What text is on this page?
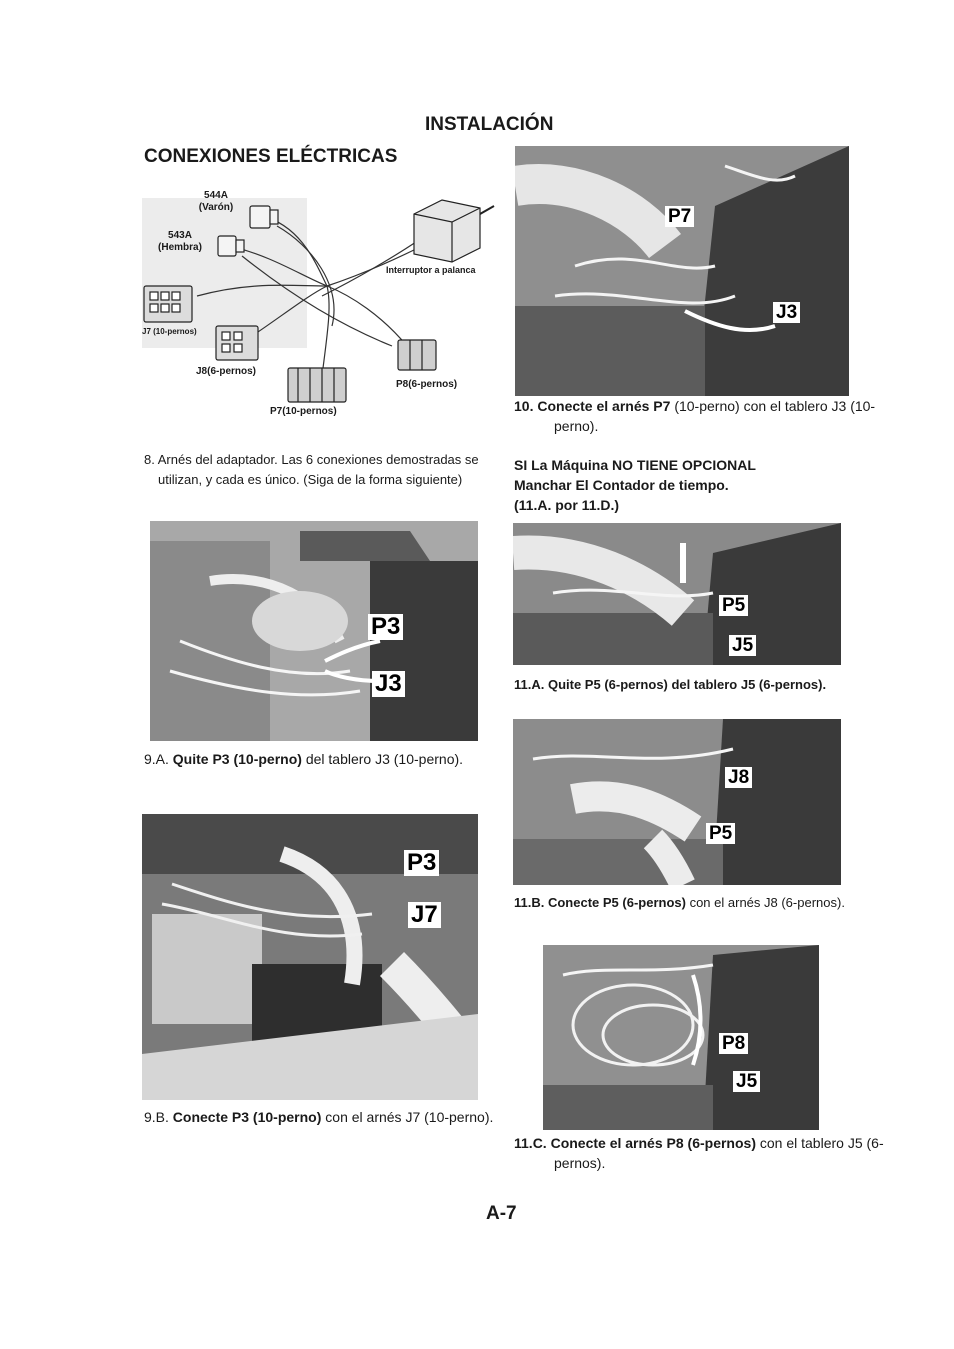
INSTALACIÓN
CONEXIONES ELÉCTRICAS
544A
(Varón)
543A
(Hembra)
J7 (10-pernos)
J8(6-pernos)
P7(10-pernos)
P8(6-pernos)
Interruptor a palanca
8. Arnés del adaptador. Las 6 conexiones demostradas se utilizan, y cada es único. (Siga de la forma siguiente)
P3
J3
9.A. Quite P3 (10-perno) del tablero J3 (10-perno).
P3
J7
9.B. Conecte P3 (10-perno) con el arnés J7 (10-perno).
P7
J3
10. Conecte el arnés P7 (10-perno) con el tablero J3 (10-perno).
SI La Máquina NO TIENE OPCIONAL
Manchar El Contador de tiempo.
(11.A. por 11.D.)
P5
J5
11.A. Quite P5 (6-pernos) del tablero J5 (6-pernos).
J8
P5
11.B. Conecte P5 (6-pernos) con el arnés J8 (6-pernos).
P8
J5
11.C. Conecte el arnés P8 (6-pernos) con el tablero J5 (6-pernos).
A-7
